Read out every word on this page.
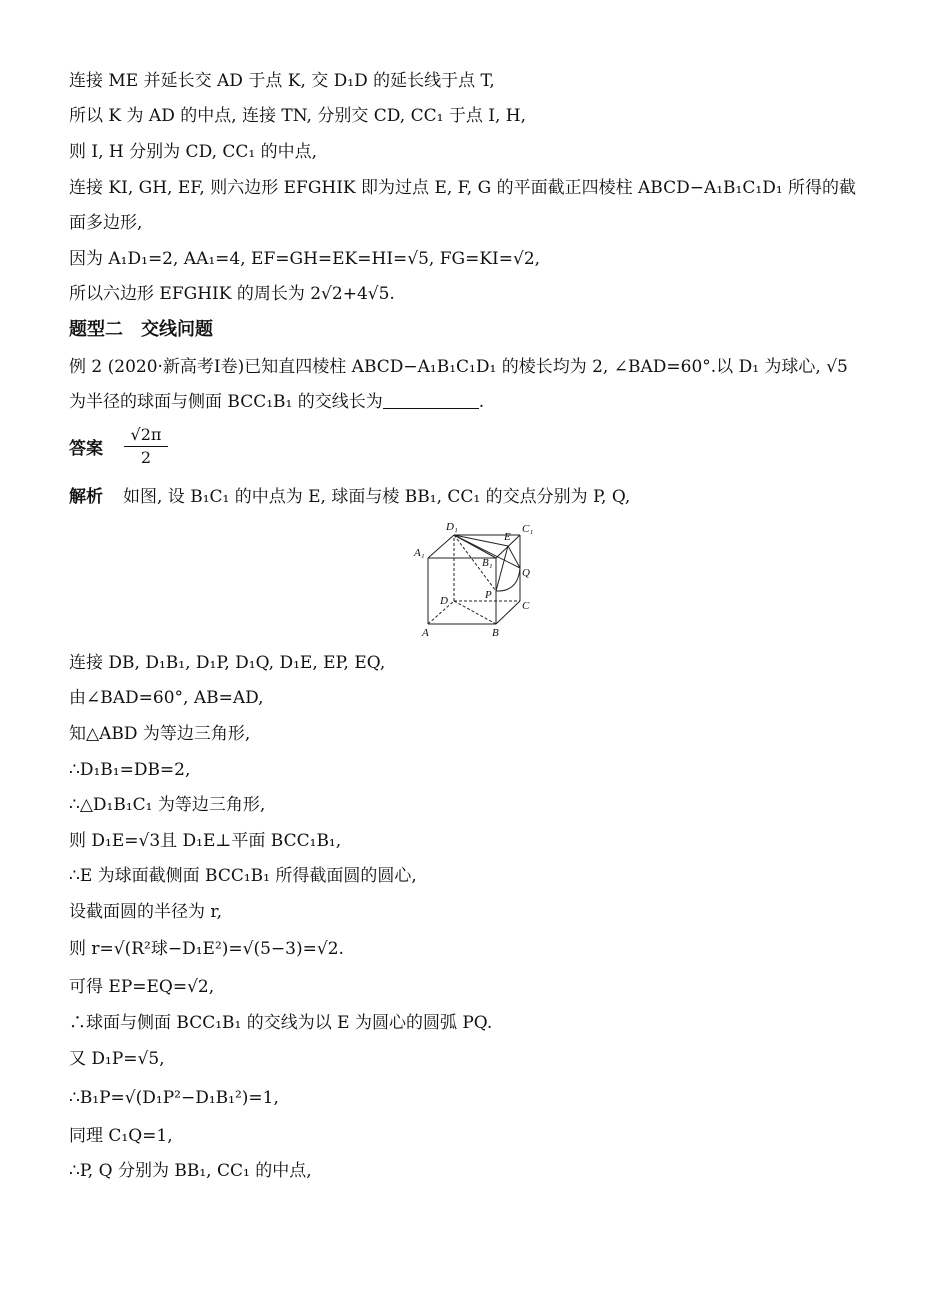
连接 ME 并延长交 AD 于点 K, 交 D₁D 的延长线于点 T,
所以 K 为 AD 的中点, 连接 TN, 分别交 CD, CC₁ 于点 I, H,
则 I, H 分别为 CD, CC₁ 的中点,
连接 KI, GH, EF, 则六边形 EFGHIK 即为过点 E, F, G 的平面截正四棱柱 ABCD−A₁B₁C₁D₁ 所得的截
面多边形,
因为 A₁D₁=2, AA₁=4, EF=GH=EK=HI=√5, FG=KI=√2,
所以六边形 EFGHIK 的周长为 2√2+4√5.
题型二　交线问题
例 2 (2020·新高考Ⅰ卷)已知直四棱柱 ABCD−A₁B₁C₁D₁ 的棱长均为 2, ∠BAD=60°.以 D₁ 为球心, √5
为半径的球面与侧面 BCC₁B₁ 的交线长为	.
答案 $\frac{√2\pi}{2}$
解析 如图, 设 B₁C₁ 的中点为 E, 球面与棱 BB₁, CC₁ 的交点分别为 P, Q,
D₁	C₁
A₁
B₁
E
Q
P
D	C
A	B
连接 DB, D₁B₁, D₁P, D₁Q, D₁E, EP, EQ,
由∠BAD=60°, AB=AD,
知△ABD 为等边三角形,
∴D₁B₁=DB=2,
∴△D₁B₁C₁ 为等边三角形,
则 D₁E=√3且 D₁E⊥平面 BCC₁B₁,
∴E 为球面截侧面 BCC₁B₁ 所得截面圆的圆心,
设截面圆的半径为 r,
则 r=√(R²球−D₁E²)=√(5−3)=√2.
可得 EP=EQ=√2,
∴球面与侧面 BCC₁B₁ 的交线为以 E 为圆心的圆弧 PQ.
又 D₁P=√5,
∴B₁P=√(D₁P²−D₁B₁²)=1,
同理 C₁Q=1,
∴P, Q 分别为 BB₁, CC₁ 的中点,
